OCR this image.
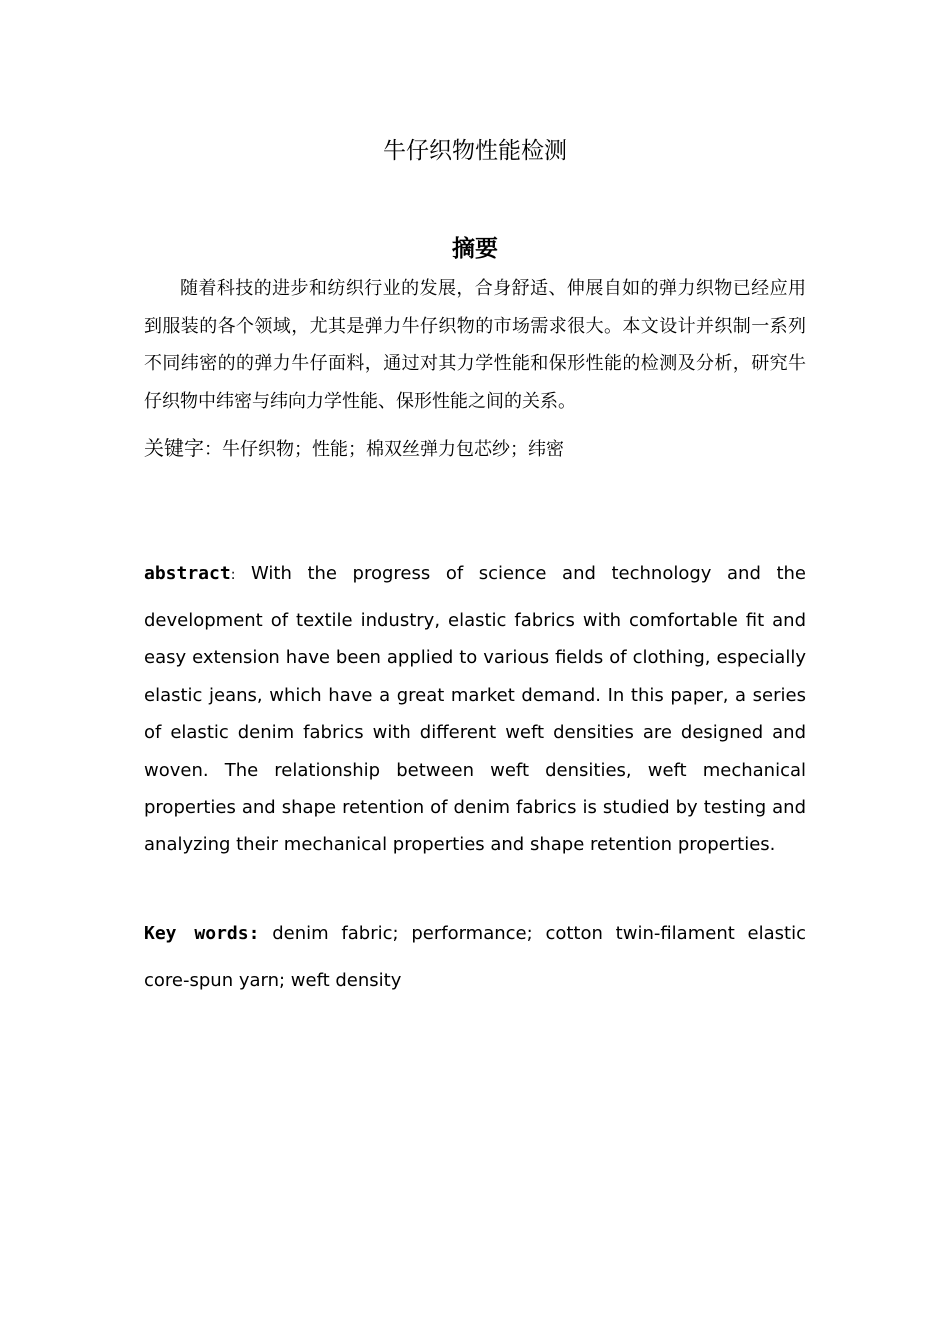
牛仔织物性能检测
摘要

随着科技的进步和纺织行业的发展，合身舒适、伸展自如的弹力织物已经应用到服装的各个领域，尤其是弹力牛仔织物的市场需求很大。本文设计并织制一系列不同纬密的的弹力牛仔面料，通过对其力学性能和保形性能的检测及分析，研究牛仔织物中纬密与纬向力学性能、保形性能之间的关系。

关键字：牛仔织物；性能；棉双丝弹力包芯纱；纬密

abstract: With the progress of science and technology and the
development of textile industry, elastic fabrics with comfortable fit and easy extension have been applied to various fields of clothing, especially elastic jeans, which have a great market demand. In this paper, a series of elastic denim fabrics with different weft densities are designed and woven. The relationship between weft densities, weft mechanical properties and shape retention of denim fabrics is studied by testing and analyzing their mechanical properties and shape retention properties.
Key words: denim fabric; performance; cotton twin-filament elastic
core-spun yarn; weft density
